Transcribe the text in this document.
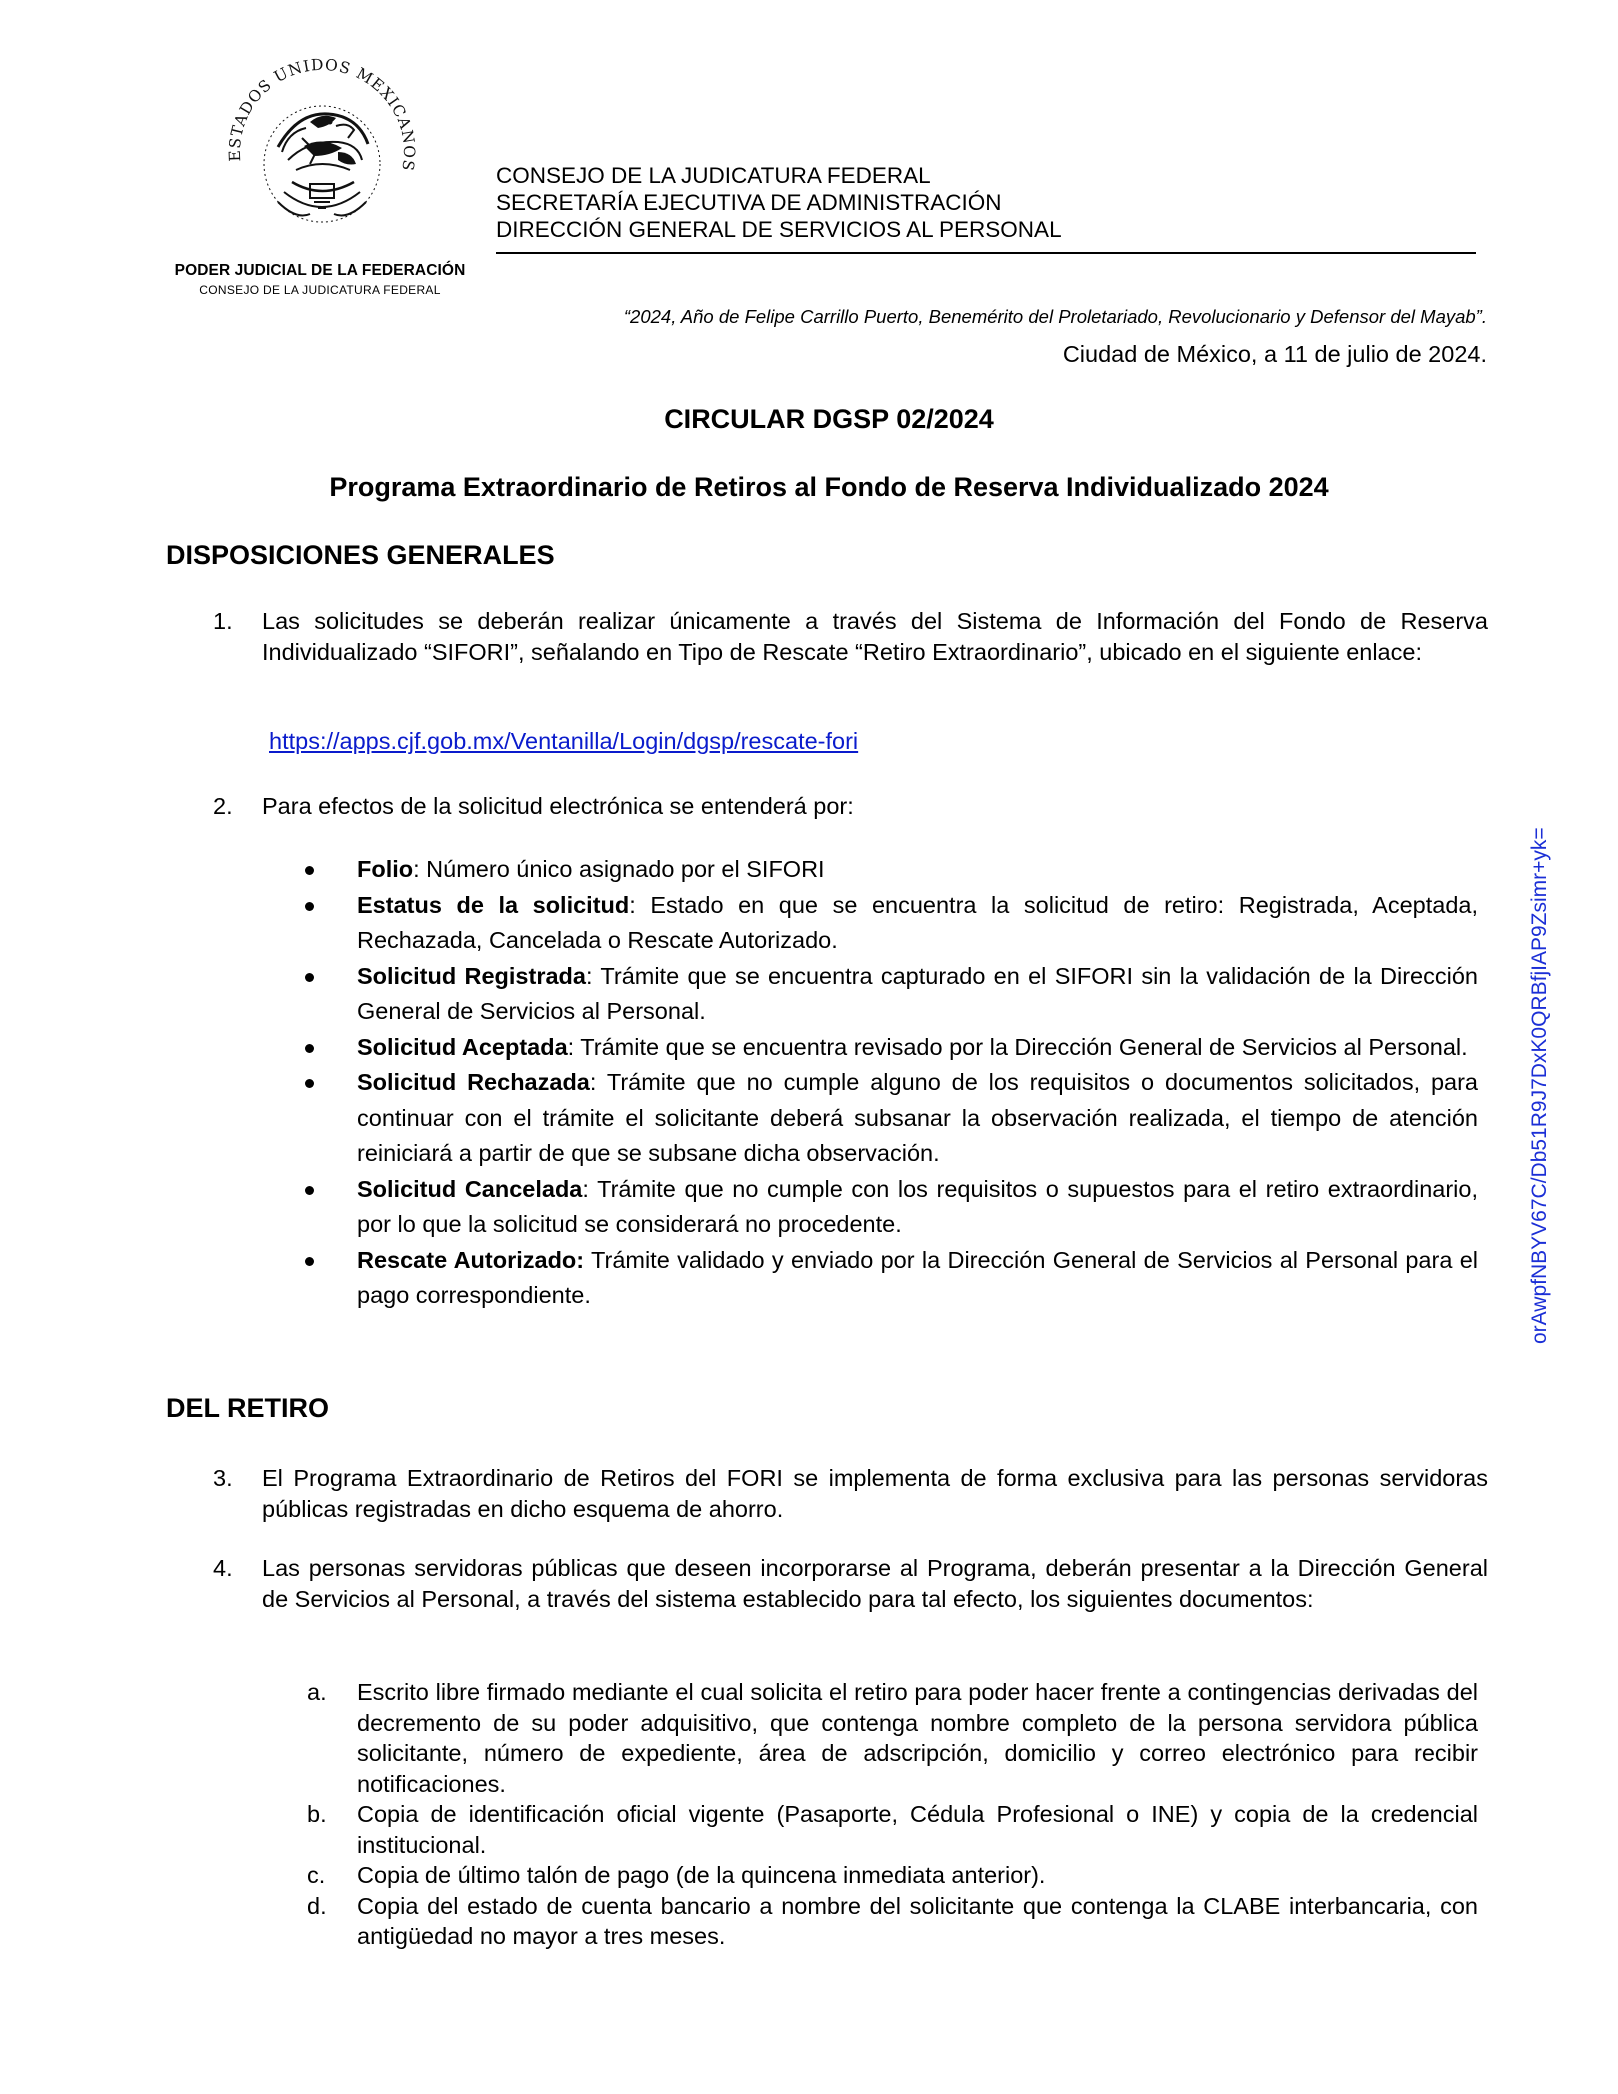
ESTADOS UNIDOS MEXICANOS
PODER JUDICIAL DE LA FEDERACIÓN
CONSEJO DE LA JUDICATURA FEDERAL
CONSEJO DE LA JUDICATURA FEDERAL
SECRETARÍA EJECUTIVA DE ADMINISTRACIÓN
DIRECCIÓN GENERAL DE SERVICIOS AL PERSONAL
“2024, Año de Felipe Carrillo Puerto, Benemérito del Proletariado, Revolucionario y Defensor del Mayab”.
Ciudad de México, a 11 de julio de 2024.
CIRCULAR DGSP 02/2024
Programa Extraordinario de Retiros al Fondo de Reserva Individualizado 2024
DISPOSICIONES GENERALES
1. Las solicitudes se deberán realizar únicamente a través del Sistema de Información del Fondo de Reserva Individualizado “SIFORI”, señalando en Tipo de Rescate “Retiro Extraordinario”, ubicado en el siguiente enlace:
https://apps.cjf.gob.mx/Ventanilla/Login/dgsp/rescate-fori
2. Para efectos de la solicitud electrónica se entenderá por:
Folio: Número único asignado por el SIFORI
Estatus de la solicitud: Estado en que se encuentra la solicitud de retiro: Registrada, Aceptada, Rechazada, Cancelada o Rescate Autorizado.
Solicitud Registrada: Trámite que se encuentra capturado en el SIFORI sin la validación de la Dirección General de Servicios al Personal.
Solicitud Aceptada: Trámite que se encuentra revisado por la Dirección General de Servicios al Personal.
Solicitud Rechazada: Trámite que no cumple alguno de los requisitos o documentos solicitados, para continuar con el trámite el solicitante deberá subsanar la observación realizada, el tiempo de atención reiniciará a partir de que se subsane dicha observación.
Solicitud Cancelada: Trámite que no cumple con los requisitos o supuestos para el retiro extraordinario, por lo que la solicitud se considerará no procedente.
Rescate Autorizado: Trámite validado y enviado por la Dirección General de Servicios al Personal para el pago correspondiente.
DEL RETIRO
3. El Programa Extraordinario de Retiros del FORI se implementa de forma exclusiva para las personas servidoras públicas registradas en dicho esquema de ahorro.
4. Las personas servidoras públicas que deseen incorporarse al Programa, deberán presentar a la Dirección General de Servicios al Personal, a través del sistema establecido para tal efecto, los siguientes documentos:
a. Escrito libre firmado mediante el cual solicita el retiro para poder hacer frente a contingencias derivadas del decremento de su poder adquisitivo, que contenga nombre completo de la persona servidora pública solicitante, número de expediente, área de adscripción, domicilio y correo electrónico para recibir notificaciones.
b. Copia de identificación oficial vigente (Pasaporte, Cédula Profesional o INE) y copia de la credencial institucional.
c. Copia de último talón de pago (de la quincena inmediata anterior).
d. Copia del estado de cuenta bancario a nombre del solicitante que contenga la CLABE interbancaria, con antigüedad no mayor a tres meses.
orAwpfNBYV67C/Db51R9J7DxK0QRBfjIAP9Zsimr+yk=
